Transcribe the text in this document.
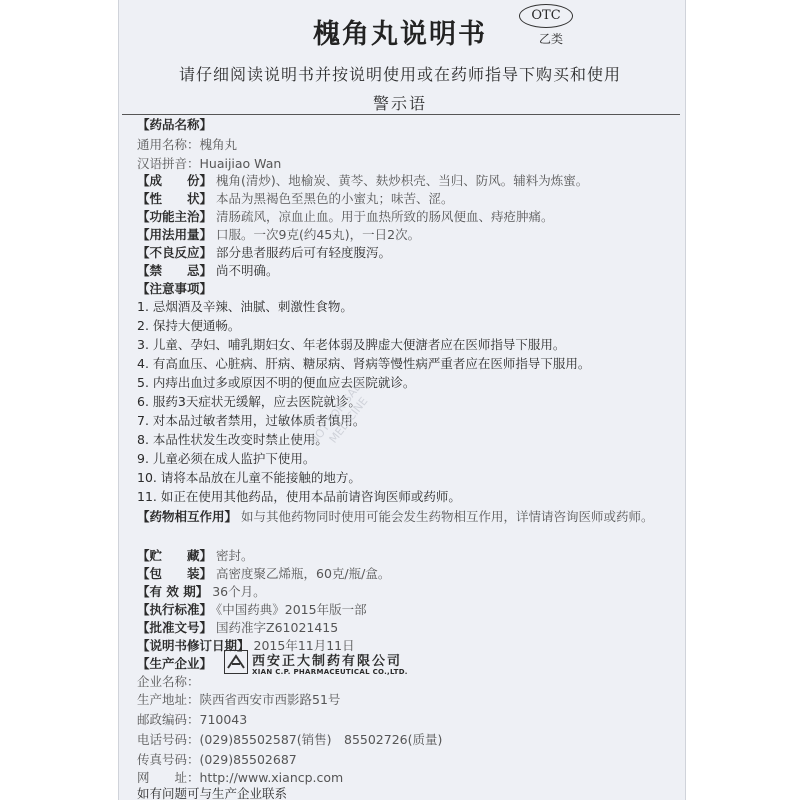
槐角丸说明书
OTC
乙类
请仔细阅读说明书并按说明使用或在药师指导下购买和使用
警示语
【药品名称】
通用名称：槐角丸
汉语拼音：Huaijiao Wan
【成　　份】 槐角(清炒)、地榆炭、黄芩、麸炒枳壳、当归、防风。辅料为炼蜜。
【性　　状】 本品为黑褐色至黑色的小蜜丸；味苦、涩。
【功能主治】 清肠疏风，凉血止血。用于血热所致的肠风便血、痔疮肿痛。
【用法用量】 口服。一次9克(约45丸)，一日2次。
【不良反应】 部分患者服药后可有轻度腹泻。
【禁　　忌】 尚不明确。
【注意事项】
1. 忌烟酒及辛辣、油腻、刺激性食物。
2. 保持大便通畅。
3. 儿童、孕妇、哺乳期妇女、年老体弱及脾虚大便溏者应在医师指导下服用。
4. 有高血压、心脏病、肝病、糖尿病、肾病等慢性病严重者应在医师指导下服用。
5. 内痔出血过多或原因不明的便血应去医院就诊。
6. 服药3天症状无缓解，应去医院就诊。
7. 对本品过敏者禁用，过敏体质者慎用。
8. 本品性状发生改变时禁止使用。
9. 儿童必须在成人监护下使用。
10. 请将本品放在儿童不能接触的地方。
11. 如正在使用其他药品，使用本品前请咨询医师或药师。
【药物相互作用】 如与其他药物同时使用可能会发生药物相互作用，详情请咨询医师或药师。
【贮　　藏】 密封。
【包　　装】 高密度聚乙烯瓶，60克/瓶/盒。
【有 效 期】 36个月。
【执行标准】 《中国药典》2015年版一部
【批准文号】 国药准字Z61021415
【说明书修订日期】 2015年11月11日
【生产企业】
企业名称：
西安正大制药有限公司
XIAN C.P. PHARMACEUTICAL CO.,LTD.
生产地址：陕西省西安市西影路51号
邮政编码：710043
电话号码：(029)85502587(销售)　85502726(质量)
传真号码：(029)85502687
网　　址：http://www.xiancp.com
如有问题可与生产企业联系
NOT FOR SALE MEDICINE
